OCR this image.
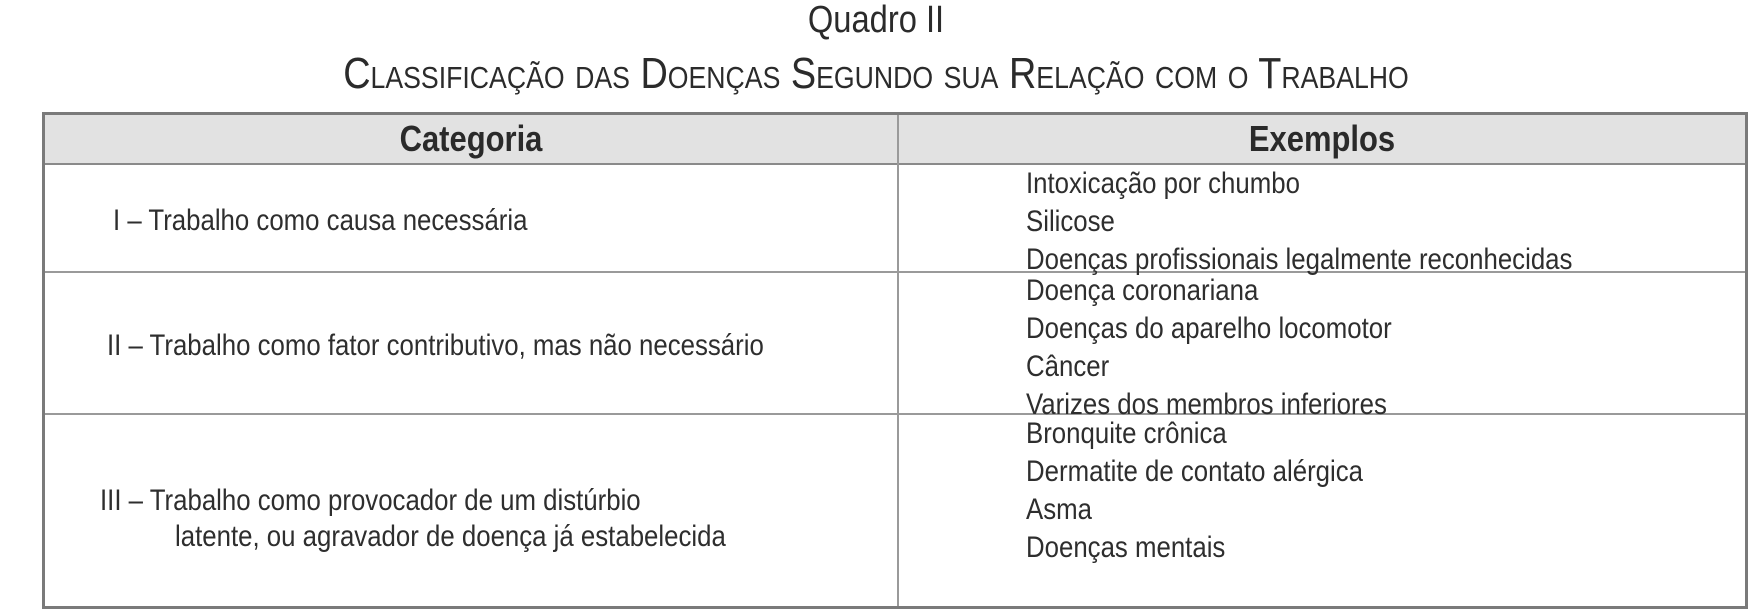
Quadro II
Classificação das Doenças Segundo sua Relação com o Trabalho
Categoria	Exemplos
I – Trabalho como causa necessária
Intoxicação por chumbo
Silicose
Doenças profissionais legalmente reconhecidas
II – Trabalho como fator contributivo, mas não necessário
Doença coronariana
Doenças do aparelho locomotor
Câncer
Varizes dos membros inferiores
III – Trabalho como provocador de um distúrbio
latente, ou agravador de doença já estabelecida
Bronquite crônica
Dermatite de contato alérgica
Asma
Doenças mentais
